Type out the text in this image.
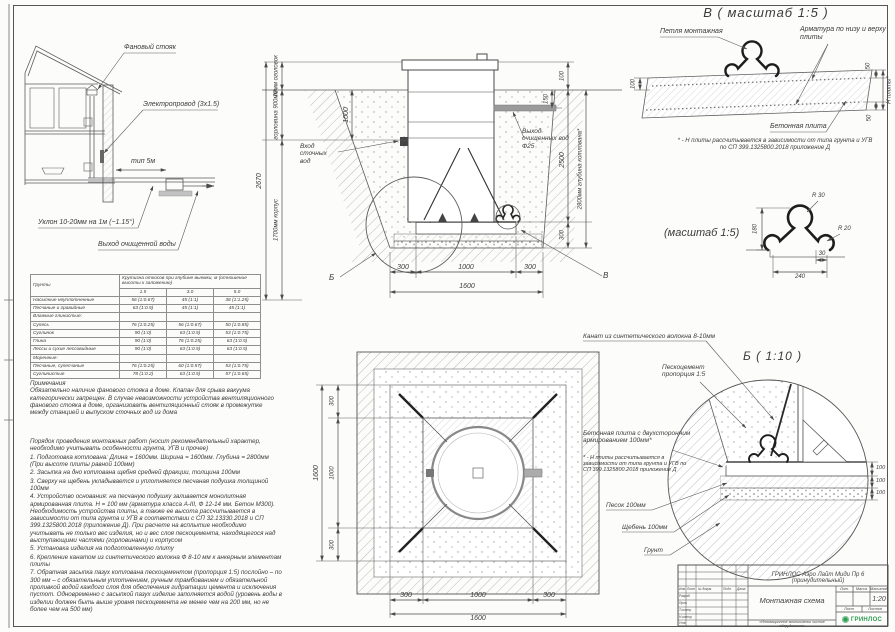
Фановый стояк
Электропровод (3х1.5)
тип 5м
Уклон 10-20мм на 1м (~1.15°)
Выход очищенной воды
Вход сточных вод
Выход очищенных вод Ф25
2670
70мм оголовок
горловина 900мм
1700мм корпус
1000
150
100
2500
300
2800мм глубина котлована*
300	1000	300
1600
Б	В
300
1000
300
1600
300	1000	300
1600
В ( масштаб 1:5 )
Петля монтажная	Арматура по низу и верху плиты
Бетонная плита
100
50
50
Н плиты*
* - Н плиты рассчитывается в зависимости от типа грунта и УГВ по СП 399.1325800.2018 приложение Д
(масштаб 1:5)
R 30
R 20
180
30
240
Б ( 1:10 )
Канат из синтетического волокна 8-10мм
Пескоцемент пропорция 1:5
Бетонная плита с двухсторонним армированием 100мм*
* - Н плиты рассчитывается в зависимости от типа грунта и УГВ по СП 399.1325800.2018 приложение Д
Песок 100мм
Щебень 100мм
Грунт
100
100
100
Грунты	Крутизна откосов при глубине выемки, м (отношение высоты к заложению)		
	1.5	3.0	5.0
Насыпные неуплотненные	56 (1:0.67)	45 (1:1)	38 (1:1.25)
Песчаные и гравийные	63 (1:0.5)	45 (1:1)	45 (1:1)
Влажные глинистые:			
Супесь	76 (1:0.25)	56 (1:0.67)	50 (1:0.85)
Суглинок	90 (1:0)	63 (1:0.5)	53 (1:0.75)
Глина	90 (1:0)	76 (1:0.25)	63 (1:0.5)
Лессы и сухие лессовидные	90 (1:0)	63 (1:0.5)	63 (1:0.5)
Моренные:			
Песчаные, супесчаные	76 (1:0.25)	60 (1:0.57)	53 (1:0.75)
Суглинистые	78 (1:0.2)	63 (1:0.5)	57 (1:0.65)
Примечания
Обязательно наличие фанового стояка в доме. Клапан для срыва вакуума категорически запрещен. В случае невозможности устройства вентиляционного фанового стояка в доме, организовать вентиляционный стояк в промежутке между станцией и выпуском сточных вод из дома
Порядок проведения монтажных работ (носит рекомендательный характер, необходимо учитывать особенности грунта, УГВ и прочее)
1. Подготовка котлована: Длина = 1600мм. Ширина = 1600мм. Глубина = 2800мм (При высоте плиты равной 100мм)
2. Засыпка на дно котлована щебня средней фракции, толщина 100мм
3. Сверху на щебень укладывается и уплотняется песчаная подушка толщиной 100мм
4. Устройство основания: на песчаную подушку заливается монолитная армированная плита. Н = 100 мм (арматура класса А-III, Ф 12-14 мм. Бетон М300). Необходимость устройства плиты, а также ее высота рассчитывается в зависимости от типа грунта и УГВ в соответствии с СП 32.13330.2018 и СП 399.1325800.2018 (приложение Д). При расчете на всплытие необходимо учитывать не только вес изделия, но и вес слоя пескоцемента, находящегося над выступающими частями (горловинами) и корпусом
5. Установка изделия на подготовленную плиту
6. Крепление канатом из синтетического волокна Ф 8-10 мм к анкерным элементам плиты
7. Обратная засыпка пазух котлована пескоцементом (пропорция 1:5) послойно – по 300 мм – с обязательным уплотнением, ручным трамбованием и обязательной проливкой водой каждого слоя для обеспечения гидратации цемента и исключения пустот. Одновременно с засыпкой пазух изделие заполняется водой (уровень воды в изделии должен быть выше уровня пескоцемента не менее чем на 200 мм, но не более чем на 500 мм)
ГРИНЛОС Аэро Лайт Миди Пр 6 (принудительный)
Монтажная схема	1:20
Лит.	Масса Масштаб
Лист	Листов
Изм. Лист № докум.	Подп. Дата
Разраб.
Пров.
Т.контр.
Н.контр.
Утв.	«Инновационное экологически чистое оборудование»
ГРИНЛОС
